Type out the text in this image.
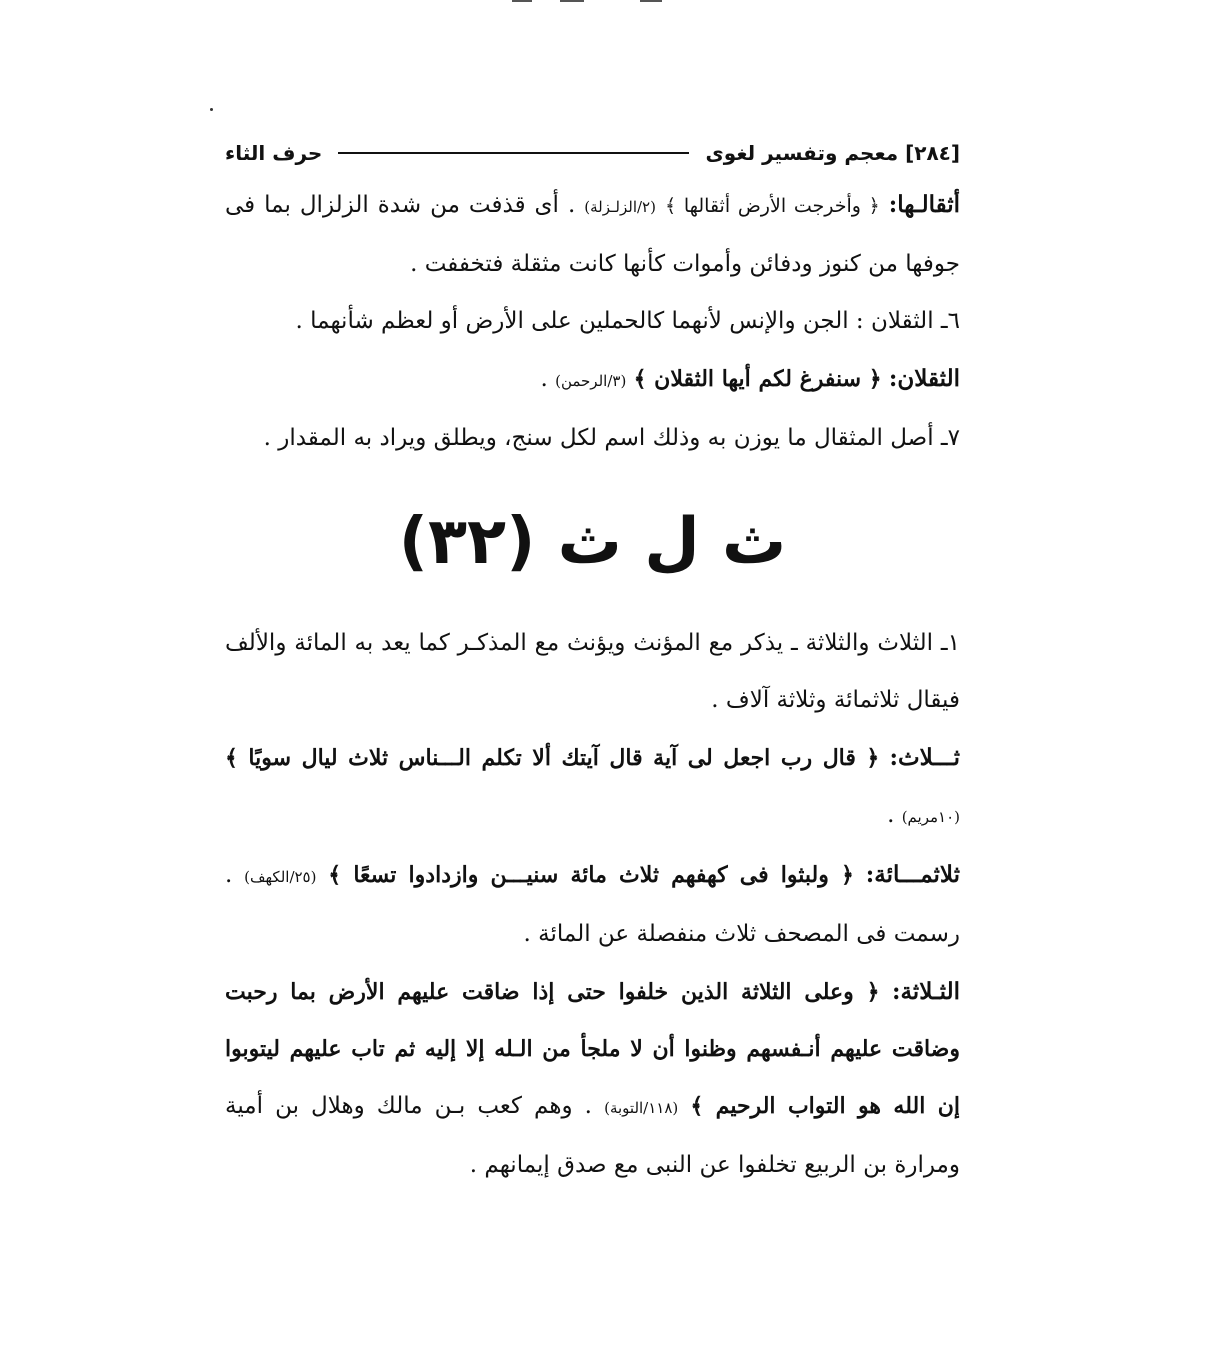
[٢٨٤] معجم وتفسير لغوى
حرف الثاء

أثقالـها: ﴿ وأخرجت الأرض أثقالها ﴾ (٢/الزلـزلة) . أى قذفت من شدة الزلزال بما فى جوفها من كنوز ودفائن وأموات كأنها كانت مثقلة فتخففت .

٦ـ الثقلان : الجن والإنس لأنهما كالحملين على الأرض أو لعظم شأنهما .

الثقلان: ﴿ سنفرغ لكم أيها الثقلان ﴾ (٣/الرحمن) .

٧ـ أصل المثقال ما يوزن به وذلك اسم لكل سنج، ويطلق ويراد به المقدار .

ث ل ث (٣٢)

١ـ الثلاث والثلاثة ـ يذكر مع المؤنث ويؤنث مع المذكـر كما يعد به المائة والألف فيقال ثلاثمائة وثلاثة آلاف .

ثـــلاث: ﴿ قال رب اجعل لى آية قال آيتك ألا تكلم الـــناس ثلاث ليال سويًا ﴾ (١٠مريم) .

ثلاثمـــائة: ﴿ ولبثوا فى كهفهم ثلاث مائة سنيـــن وازدادوا تسعًا ﴾ (٢٥/الكهف) . رسمت فى المصحف ثلاث منفصلة عن المائة .

الثـلاثة: ﴿ وعلى الثلاثة الذين خلفوا حتى إذا ضاقت عليهم الأرض بما رحبت وضاقت عليهم أنـفسهم وظنوا أن لا ملجأ من الـله إلا إليه ثم تاب عليهم ليتوبوا إن الله هو التواب الرحيم ﴾ (١١٨/التوبة) . وهم كعب بـن مالك وهلال بن أمية ومرارة بن الربيع تخلفوا عن النبى مع صدق إيمانهم .
